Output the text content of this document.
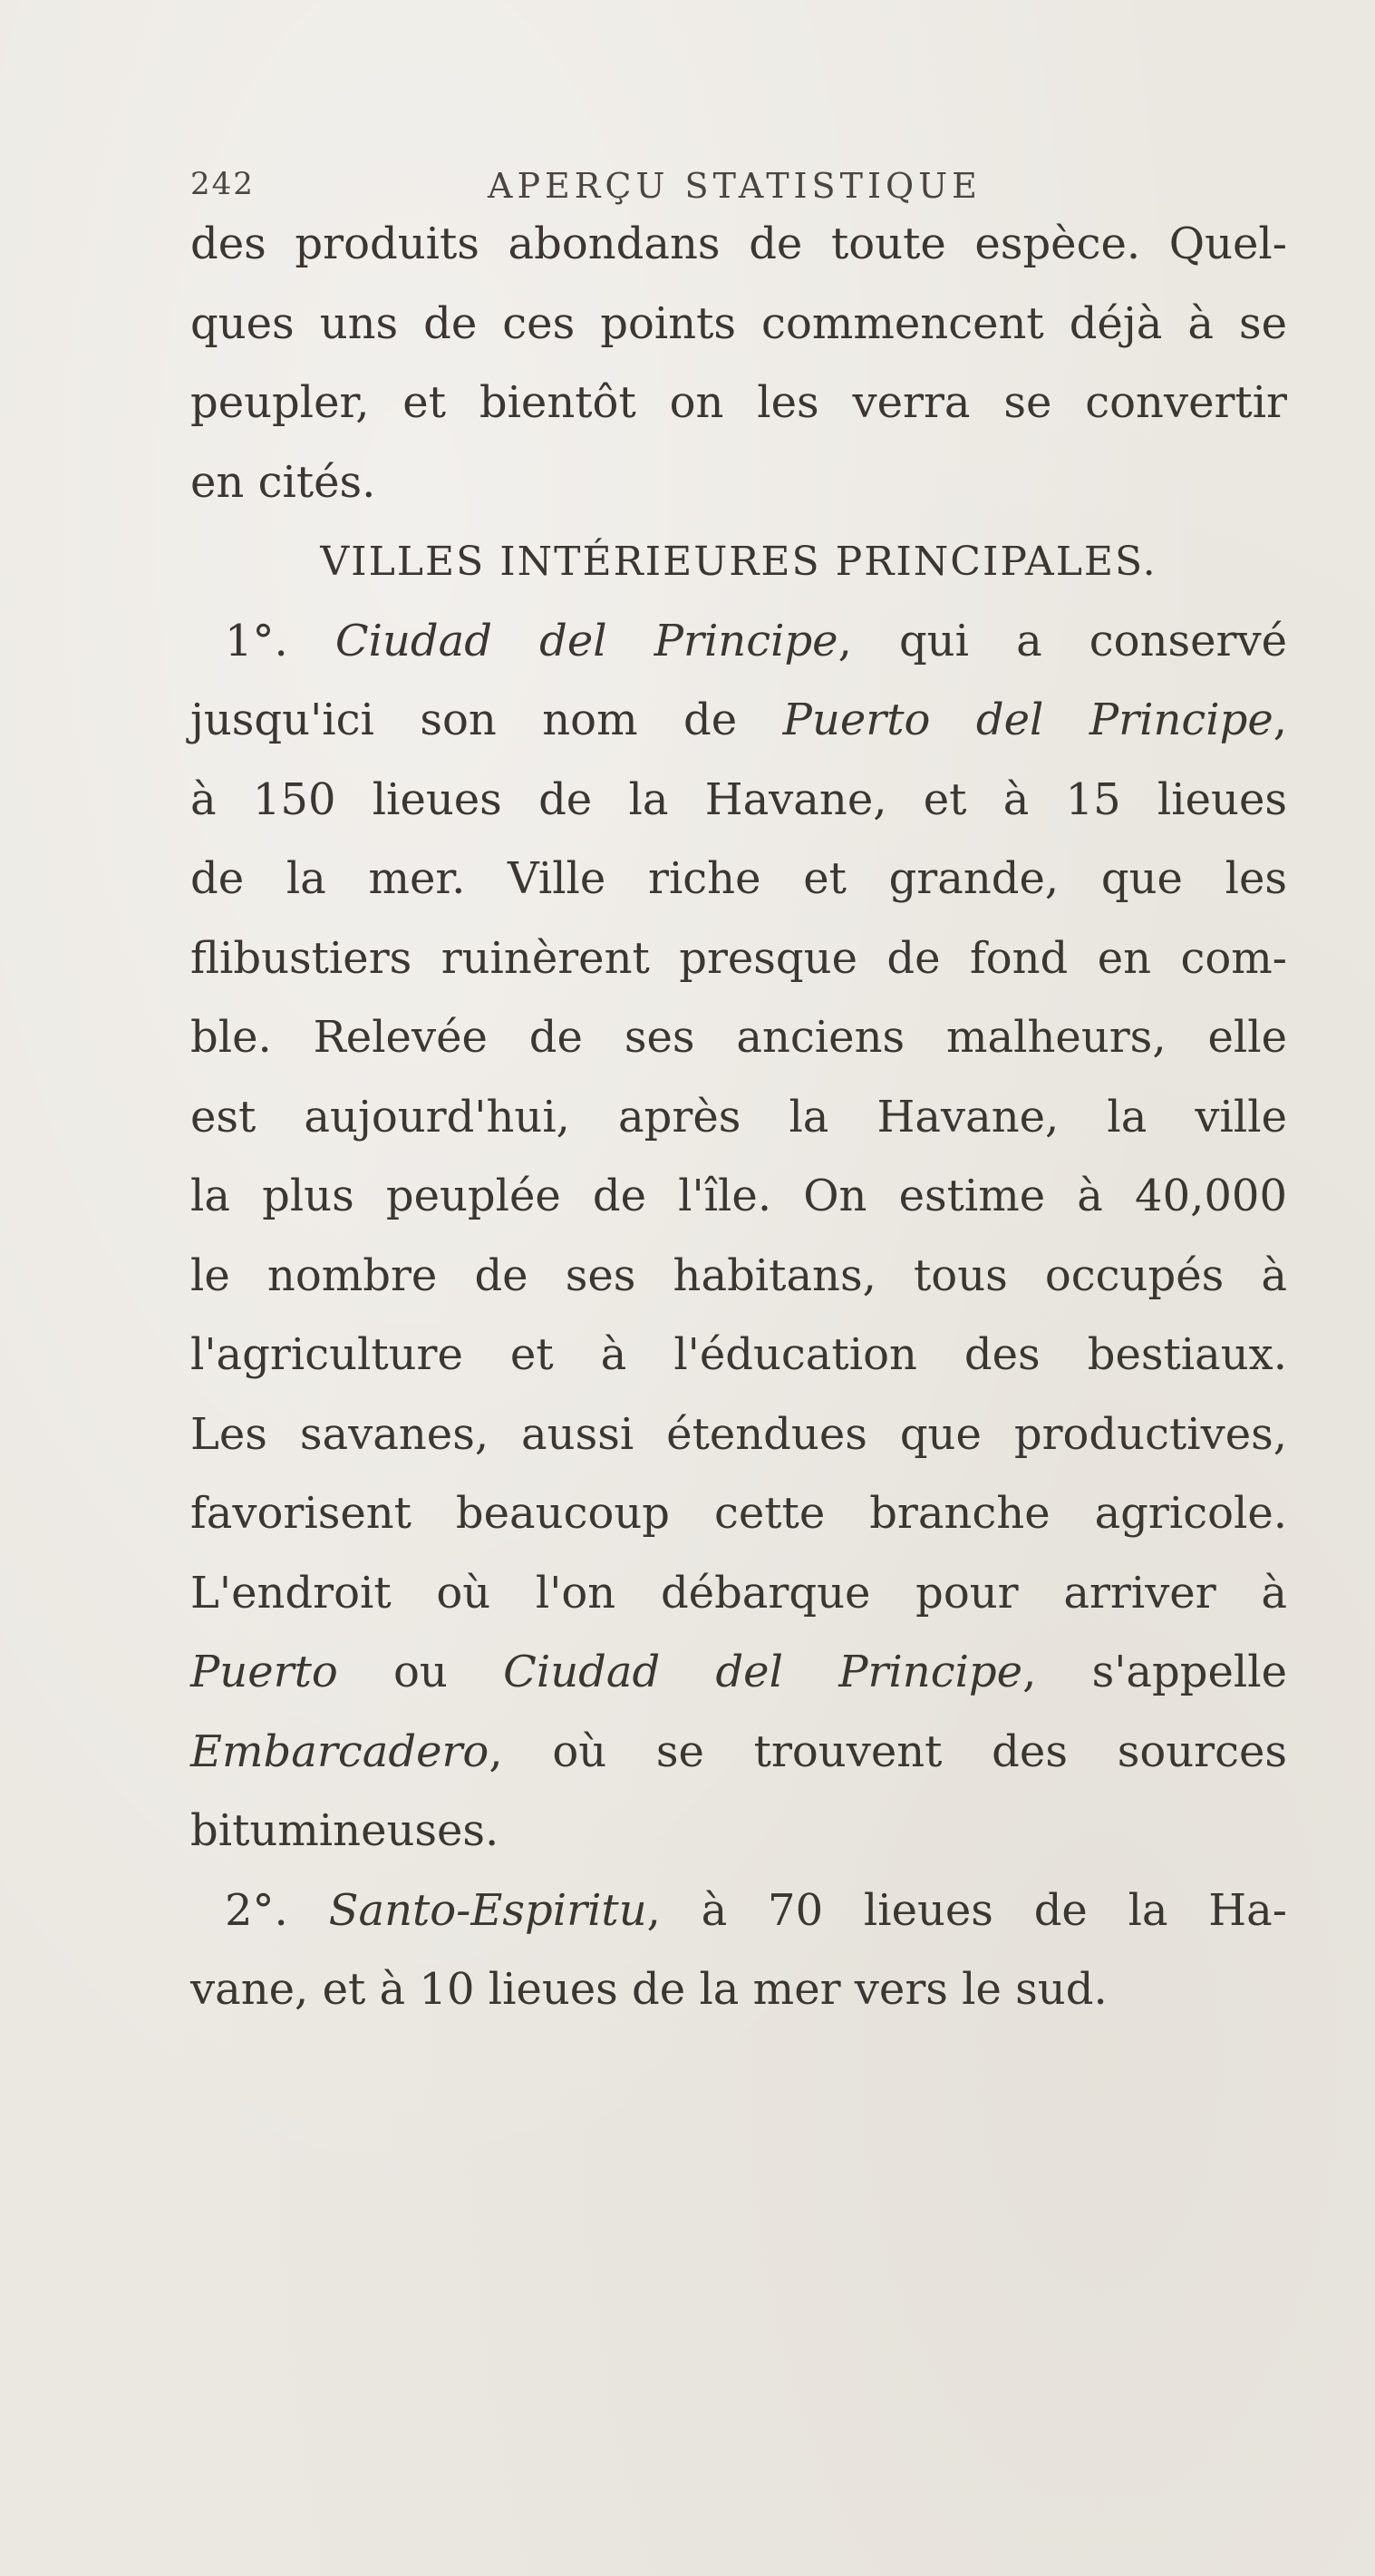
242	APERÇU STATISTIQUE
des produits abondans de toute espèce. Quel-
ques uns de ces points commencent déjà à se
peupler, et bientôt on les verra se convertir
en cités.
VILLES INTÉRIEURES PRINCIPALES.
1°. Ciudad del Principe, qui a conservé
jusqu'ici son nom de Puerto del Principe,
à 150 lieues de la Havane, et à 15 lieues
de la mer. Ville riche et grande, que les
flibustiers ruinèrent presque de fond en com-
ble. Relevée de ses anciens malheurs, elle
est aujourd'hui, après la Havane, la ville
la plus peuplée de l'île. On estime à 40,000
le nombre de ses habitans, tous occupés à
l'agriculture et à l'éducation des bestiaux.
Les savanes, aussi étendues que productives,
favorisent beaucoup cette branche agricole.
L'endroit où l'on débarque pour arriver à
Puerto ou Ciudad del Principe, s'appelle
Embarcadero, où se trouvent des sources
bitumineuses.
2°. Santo-Espiritu, à 70 lieues de la Ha-
vane, et à 10 lieues de la mer vers le sud.
